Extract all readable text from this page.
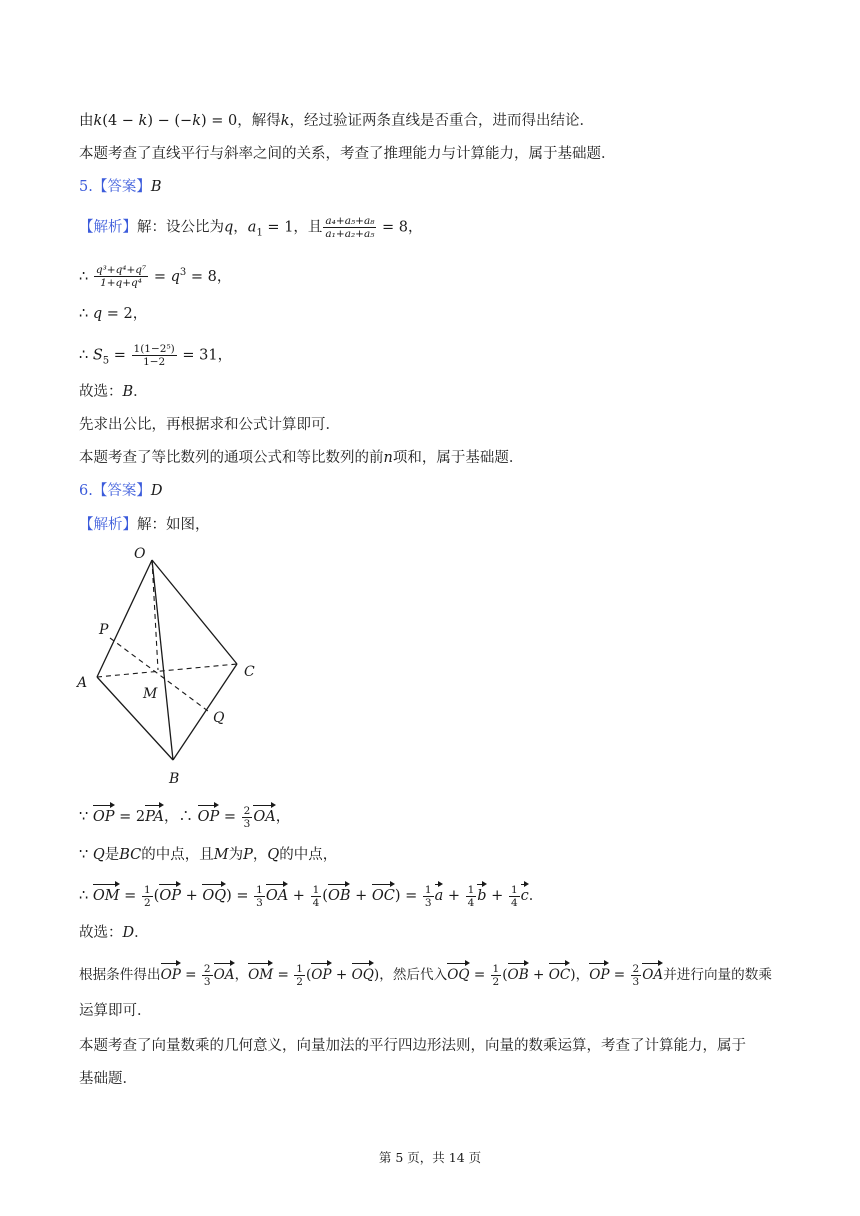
由k(4 − k) − (−k) = 0，解得k，经过验证两条直线是否重合，进而得出结论．
本题考查了直线平行与斜率之间的关系，考查了推理能力与计算能力，属于基础题．
5.【答案】B
【解析】解：设公比为q，$a_1 = 1$，且 $\frac{\text{a₄+a₅+a₈}}{\text{a₁+a₂+a₅}} = 8$，
∴ $\frac{\text{q³+q⁴+q⁷}}{\text{1+q+q⁴}} = q^3 = 8$，
∴ q = 2，
∴ $S_5 = \frac{\text{1(1−2⁵)}}{1-2} = 31$，
故选：B．
先求出公比，再根据求和公式计算即可．
本题考查了等比数列的通项公式和等比数列的前n项和，属于基础题．
6.【答案】D
【解析】解：如图，
O
P
A
M
C
Q
B
∵ OP = 2PA，∴ OP = $\frac{2}{3}$ OA，
∵ Q是BC的中点，且M为P，Q的中点，
∴ OM = $\frac{1}{2} (OP + OQ) = \frac{1}{3}$ OA + $\frac{1}{4} (OB + OC) = \frac{1}{3}$ $a + \frac{1}{4}$ $b + \frac{1}{4}$ c．
故选：D．
根据条件得出OP = $\frac{2}{3}$ OA，OM = $\frac{1}{2} (OP + OQ)$，然后代入OQ = $\frac{1}{2} (OB + OC)$，OP = $\frac{2}{3}$ OA并进行向量的数乘
运算即可．
本题考查了向量数乘的几何意义，向量加法的平行四边形法则，向量的数乘运算，考查了计算能力，属于
基础题．
第 5 页，共 14 页
